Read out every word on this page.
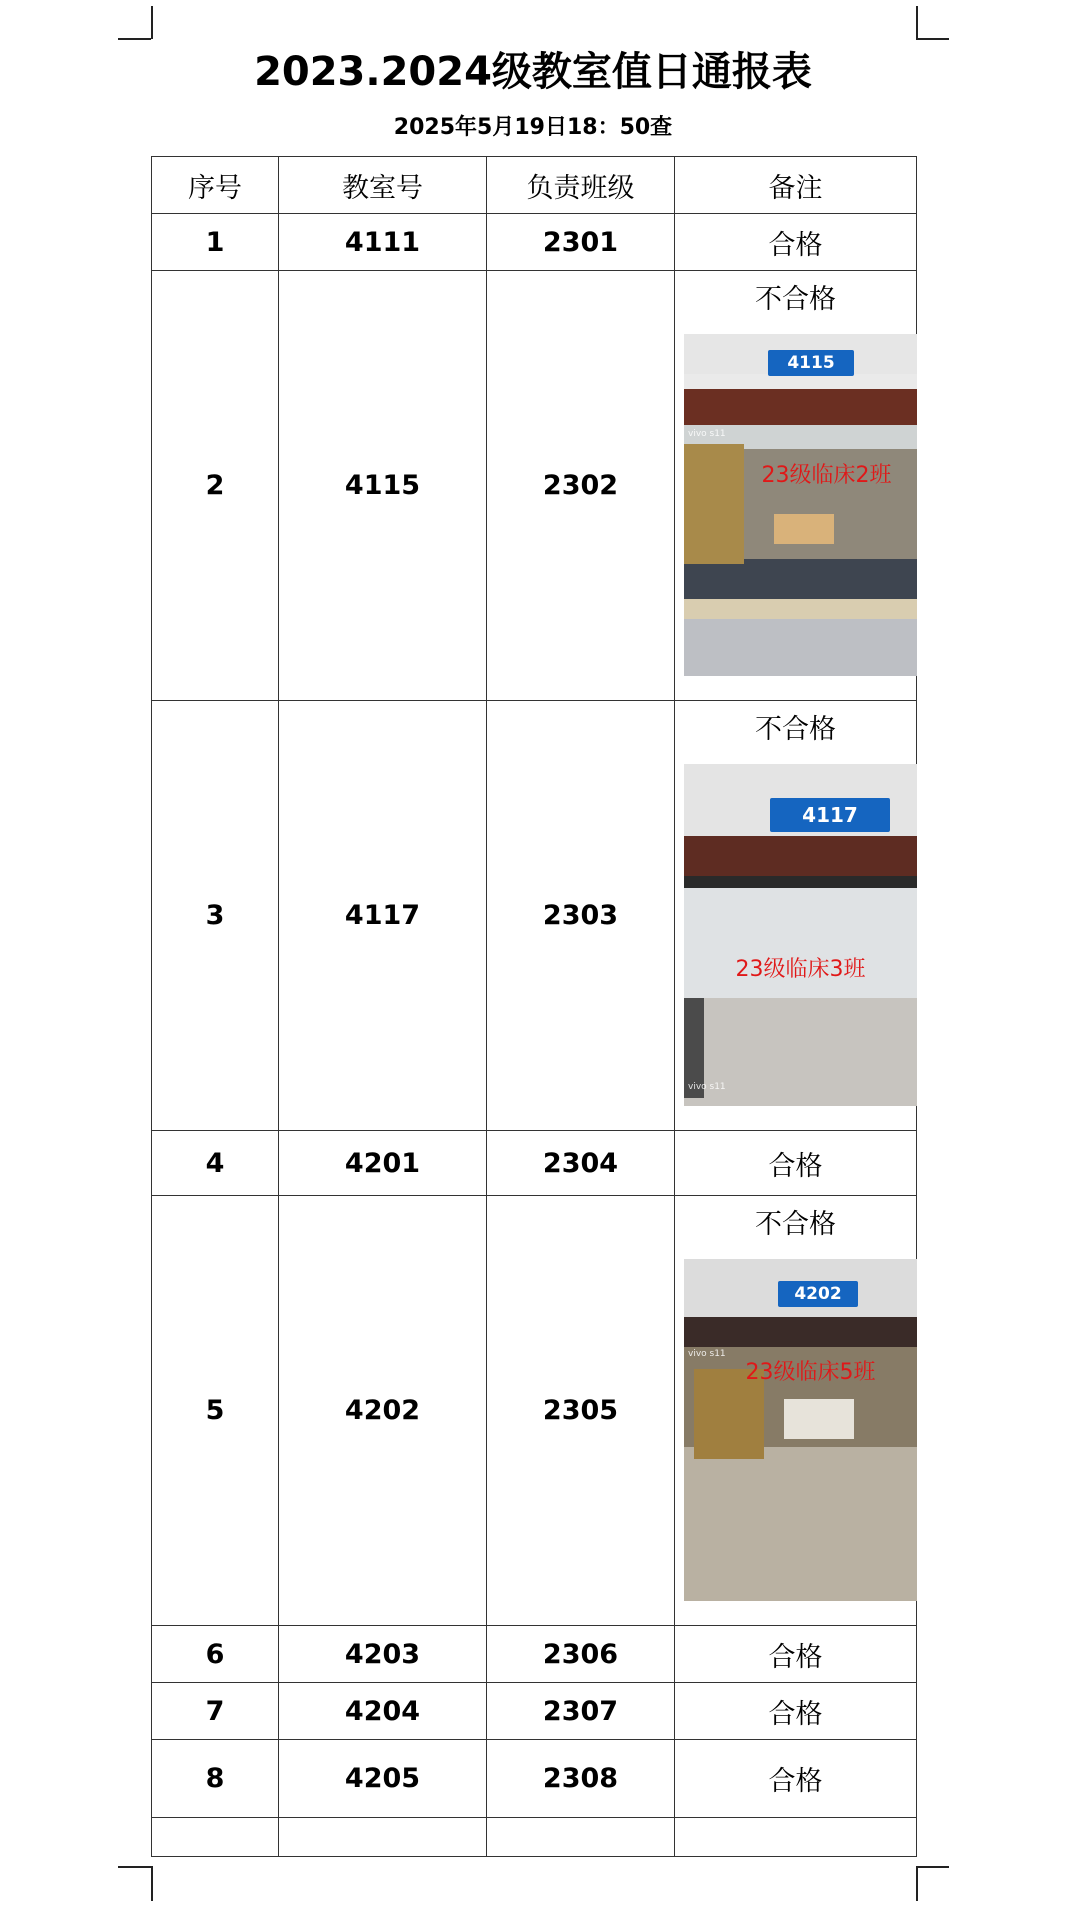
2023.2024级教室值日通报表
2025年5月19日18：50查
序号	教室号	负责班级	备注
1	4111	2301	合格
2	4115	2302	不合格
4115
23级临床2班
vivo s11

3	4117	2303	不合格
4117
23级临床3班
vivo s11

4	4201	2304	合格
5	4202	2305	不合格
4202
23级临床5班
vivo s11

6	4203	2306	合格
7	4204	2307	合格
8	4205	2308	合格
